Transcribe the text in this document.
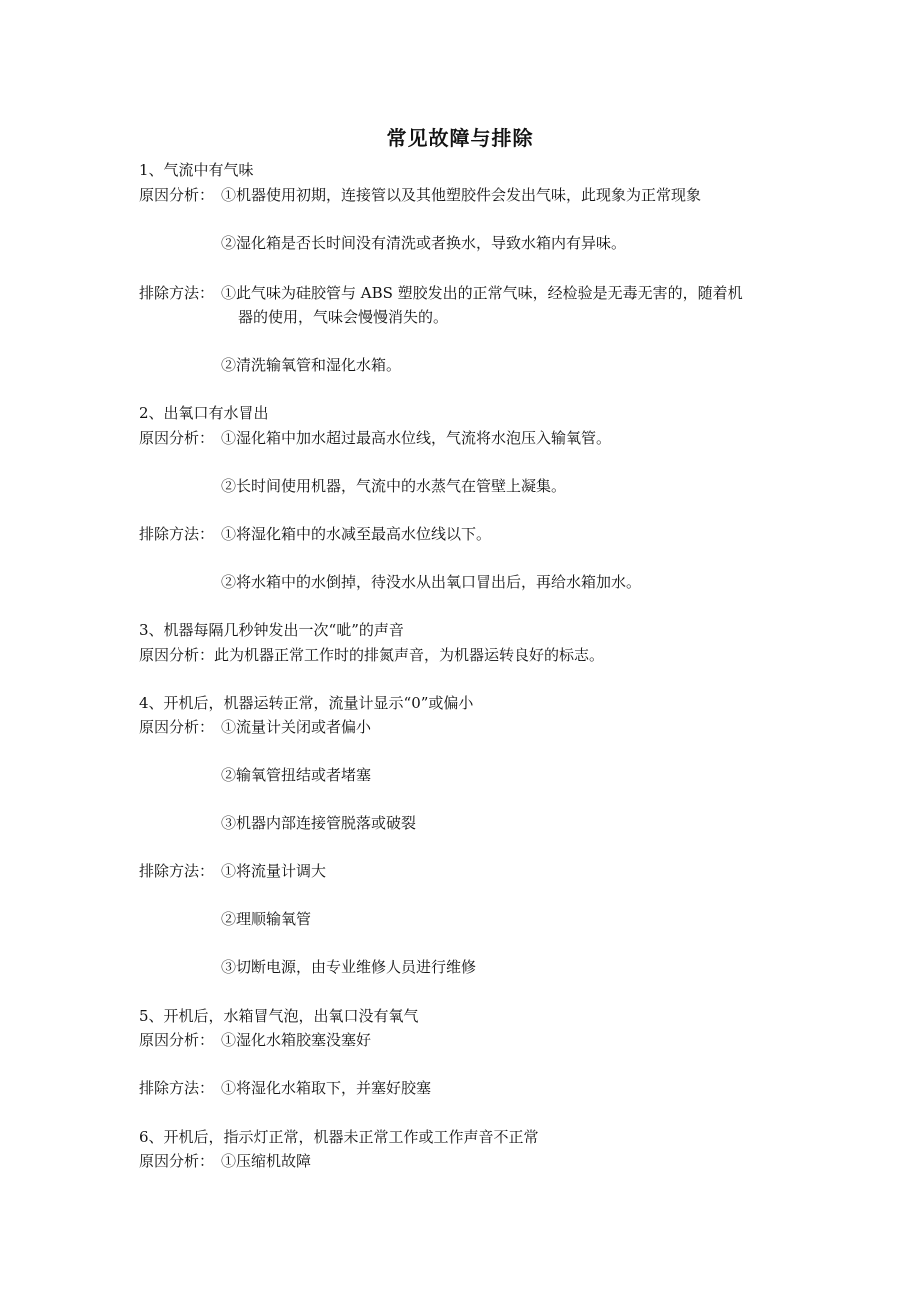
常见故障与排除
1、气流中有气味
原因分析： ①机器使用初期，连接管以及其他塑胶件会发出气味，此现象为正常现象
②湿化箱是否长时间没有清洗或者换水，导致水箱内有异味。
排除方法： ①此气味为硅胶管与 ABS 塑胶发出的正常气味，经检验是无毒无害的，随着机
器的使用，气味会慢慢消失的。
②清洗输氧管和湿化水箱。
2、出氧口有水冒出
原因分析： ①湿化箱中加水超过最高水位线，气流将水泡压入输氧管。
②长时间使用机器，气流中的水蒸气在管壁上凝集。
排除方法： ①将湿化箱中的水减至最高水位线以下。
②将水箱中的水倒掉，待没水从出氧口冒出后，再给水箱加水。
3、机器每隔几秒钟发出一次“呲”的声音
原因分析：此为机器正常工作时的排氮声音，为机器运转良好的标志。
4、开机后，机器运转正常，流量计显示“0”或偏小
原因分析： ①流量计关闭或者偏小
②输氧管扭结或者堵塞
③机器内部连接管脱落或破裂
排除方法： ①将流量计调大
②理顺输氧管
③切断电源，由专业维修人员进行维修
5、开机后，水箱冒气泡，出氧口没有氧气
原因分析： ①湿化水箱胶塞没塞好
排除方法： ①将湿化水箱取下，并塞好胶塞
6、开机后，指示灯正常，机器未正常工作或工作声音不正常
原因分析： ①压缩机故障
